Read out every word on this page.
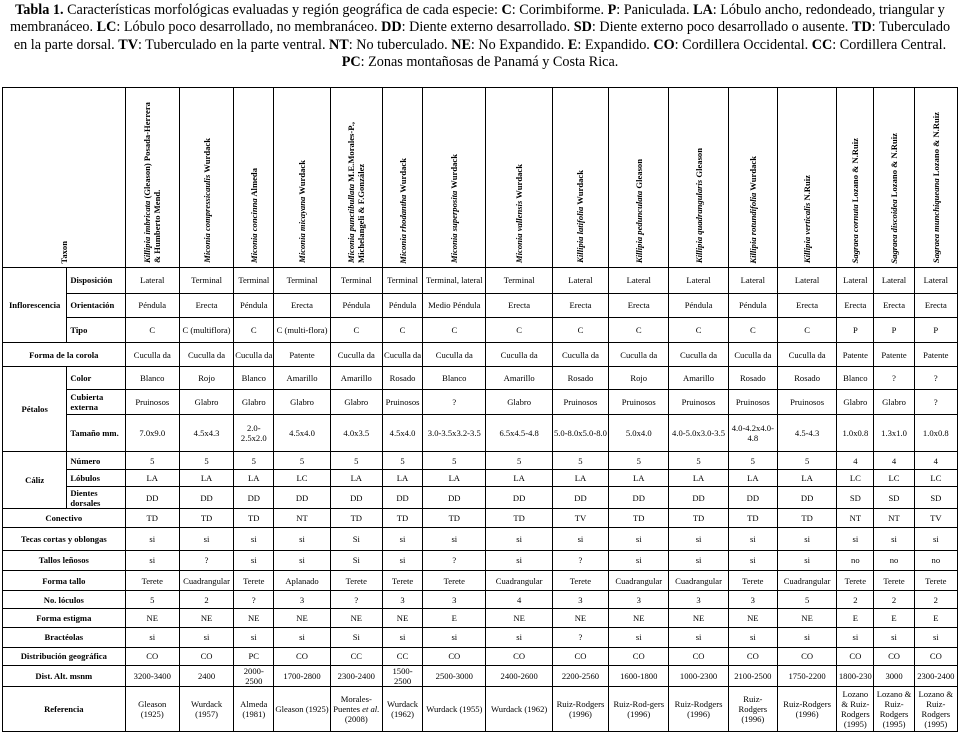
Tabla 1. Características morfológicas evaluadas y región geográfica de cada especie: C: Corimbiforme. P: Paniculada. LA: Lóbulo ancho, redondeado, triangular y membranáceo. LC: Lóbulo poco desarrollado, no membranáceo. DD: Diente externo desarrollado. SD: Diente externo poco desarrollado o ausente. TD: Tuberculado en la parte dorsal. TV: Tuberculado en la parte ventral. NT: No tuberculado. NE: No Expandido. E: Expandido. CO: Cordillera Occidental. CC: Cordillera Central. PC: Zonas montañosas de Panamá y Costa Rica.

Taxon		Killipia imbricata (Gleason) Posada-Herrera & Humberto Mend.	Miconia compressicaulis Wurdack	Miconia concinna Almeda	Miconia micayana Wurdack	Miconia punctibullata M.E.Morales-P., Michelangeli & F.González	Miconia rhodantha Wurdack	Miconia superposita Wurdack	Miconia vallensis Wurdack	Killipia latifolia Wurdack	Killipia pedunculata Gleason	Killipia quadrangularis Gleason	Killipia rotundifolia Wurdack	Killipia verticalis N.Ruiz	Sagraea cornuta Lozano & N.Ruiz	Sagraea discoidea Lozano & N.Ruiz	Sagraea munchiqueana Lozano & N.Ruiz

Inflorescencia	Disposición	Lateral	Terminal	Terminal	Terminal	Terminal	Terminal	Terminal, lateral	Terminal	Lateral	Lateral	Lateral	Lateral	Lateral	Lateral	Lateral	Lateral
	Orientación	Péndula	Erecta	Péndula	Erecta	Péndula	Péndula	Medio Péndula	Erecta	Erecta	Erecta	Péndula	Péndula	Erecta	Erecta	Erecta	Erecta
	Tipo	C	C (multiflora)	C	C (multi-flora)	C	C	C	C	C	C	C	C	C	P	P	P
Forma de la corola		Cuculla da	Cuculla da	Cuculla da	Patente	Cuculla da	Cuculla da	Cuculla da	Cuculla da	Cuculla da	Cuculla da	Cuculla da	Cuculla da	Cuculla da	Patente	Patente	Patente
Pétalos	Color	Blanco	Rojo	Blanco	Amarillo	Amarillo	Rosado	Blanco	Amarillo	Rosado	Rojo	Amarillo	Rosado	Rosado	Blanco	?	?
	Cubierta externa	Pruinosos	Glabro	Glabro	Glabro	Glabro	Pruinosos	?	Glabro	Pruinosos	Pruinosos	Pruinosos	Pruinosos	Pruinosos	Glabro	Glabro	?
	Tamaño mm.	7.0x9.0	4.5x4.3	2.0-2.5x2.0	4.5x4.0	4.0x3.5	4.5x4.0	3.0-3.5x3.2-3.5	6.5x4.5-4.8	5.0-8.0x5.0-8.0	5.0x4.0	4.0-5.0x3.0-3.5	4.0-4.2x4.0-4.8	4.5-4.3	1.0x0.8	1.3x1.0	1.0x0.8
Cáliz	Número	5	5	5	5	5	5	5	5	5	5	5	5	5	4	4	4
	Lóbulos	LA	LA	LA	LC	LA	LA	LA	LA	LA	LA	LA	LA	LA	LC	LC	LC
	Dientes dorsales	DD	DD	DD	DD	DD	DD	DD	DD	DD	DD	DD	DD	DD	SD	SD	SD
Conectivo		TD	TD	TD	NT	TD	TD	TD	TD	TV	TD	TD	TD	TD	NT	NT	TV
Tecas cortas y oblongas		si	si	si	si	Si	si	si	si	si	si	si	si	si	si	si	si
Tallos leñosos		si	?	si	si	Si	si	?	si	?	si	si	si	si	no	no	no
Forma tallo		Terete	Cuadrangular	Terete	Aplanado	Terete	Terete	Terete	Cuadrangular	Terete	Cuadrangular	Cuadrangular	Terete	Cuadrangular	Terete	Terete	Terete
No. lóculos		5	2	?	3	?	3	3	4	3	3	3	3	5	2	2	2
Forma estigma		NE	NE	NE	NE	NE	NE	E	NE	NE	NE	NE	NE	NE	E	E	E
Bractéolas		si	si	si	si	Si	si	si	si	?	si	si	si	si	si	si	si
Distribución geográfica		CO	CO	PC	CO	CC	CC	CO	CO	CO	CO	CO	CO	CO	CO	CO	CO
Dist. Alt. msnm		3200-3400	2400	2000-2500	1700-2800	2300-2400	1500-2500	2500-3000	2400-2600	2200-2560	1600-1800	1000-2300	2100-2500	1750-2200	1800-230	3000	2300-2400
Referencia		Gleason (1925)	Wurdack (1957)	Almeda (1981)	Gleason (1925)	Morales-Puentes et al. (2008)	Wurdack (1962)	Wurdack (1955)	Wurdack (1962)	Ruiz-Rodgers (1996)	Ruiz-Rod-gers (1996)	Ruiz-Rodgers (1996)	Ruiz-Rodgers (1996)	Ruiz-Rodgers (1996)	Lozano & Ruiz-Rodgers (1995)	Lozano & Ruiz-Rodgers (1995)	Lozano & Ruiz-Rodgers (1995)
